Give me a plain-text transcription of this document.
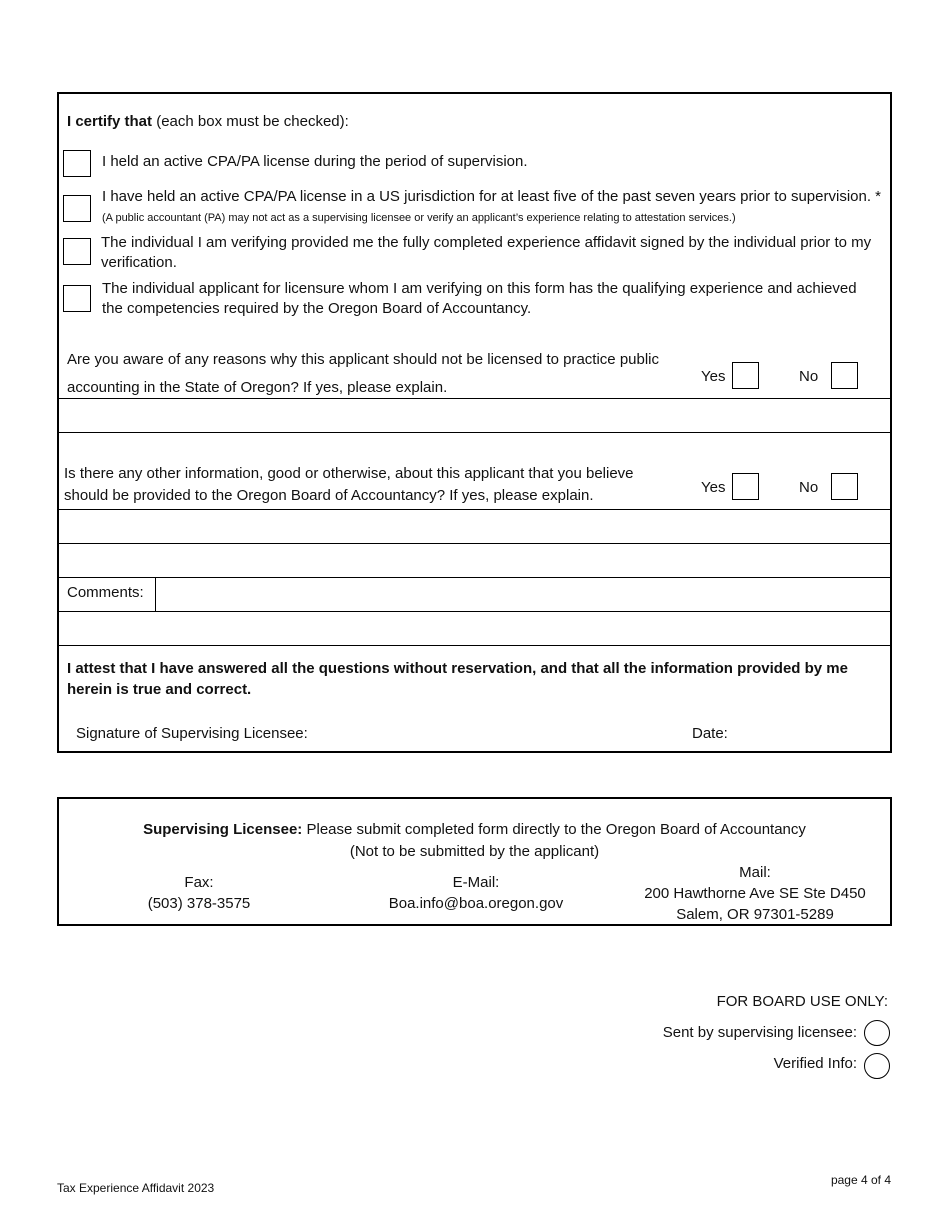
I certify that (each box must be checked):
I held an active CPA/PA license during the period of supervision.
I have held an active CPA/PA license in a US jurisdiction for at least five of the past seven years prior to supervision. *(A public accountant (PA) may not act as a supervising licensee or verify an applicant’s experience relating to attestation services.)
The individual I am verifying provided me the fully completed experience affidavit signed by the individual prior to my verification.
The individual applicant for licensure whom I am verifying on this form has the qualifying experience and achieved the competencies required by the Oregon Board of Accountancy.
Are you aware of any reasons why this applicant should not be licensed to practice public
accounting in the State of Oregon? If yes, please explain.
Yes	No
Is there any other information, good or otherwise, about this applicant that you believe
should be provided to the Oregon Board of Accountancy? If yes, please explain.	Yes	No
Comments:
I attest that I have answered all the questions without reservation, and that all the information provided by me
herein is true and correct.
Signature of Supervising Licensee:	Date:
Supervising Licensee: Please submit completed form directly to the Oregon Board of Accountancy
(Not to be submitted by the applicant)
Fax:
(503) 378-3575
E-Mail:
Boa.info@boa.oregon.gov
Mail:
200 Hawthorne Ave SE Ste D450
Salem, OR 97301-5289
FOR BOARD USE ONLY:
Sent by supervising licensee:
Verified Info:
Tax Experience Affidavit 2023
page 4 of 4
